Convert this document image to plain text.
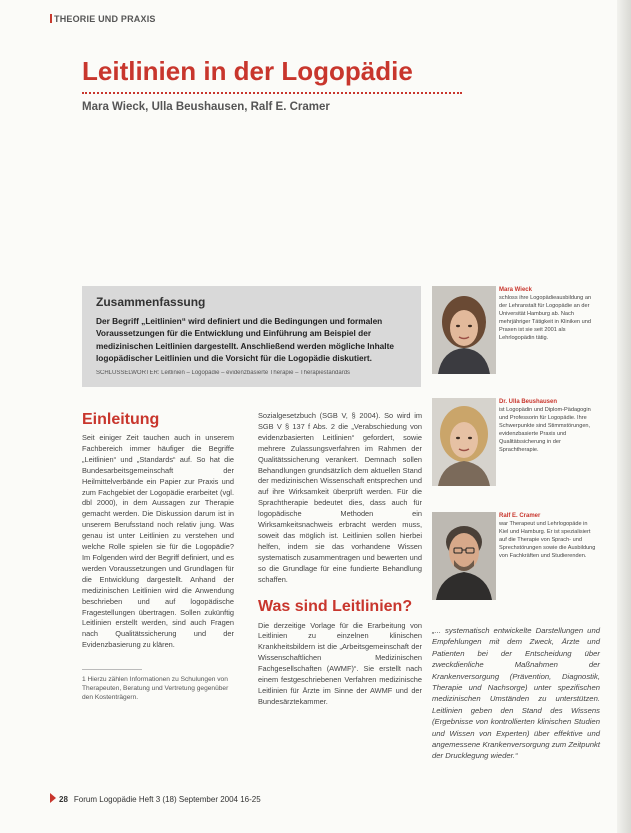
THEORIE UND PRAXIS
Leitlinien in der Logopädie
Mara Wieck, Ulla Beushausen, Ralf E. Cramer
Zusammenfassung

Der Begriff „Leitlinien“ wird definiert und die Bedingungen und formalen Voraussetzungen für die Entwicklung und Einführung am Beispiel der medizinischen Leitlinien dargestellt. Anschließend werden mögliche Inhalte logopädischer Leitlinien und die Vorsicht für die Logopädie diskutiert.

SCHLÜSSELWÖRTER: Leitlinien – Logopädie – evidenzbasierte Therapie – Therapiestandards
Einleitung

Seit einiger Zeit tauchen auch in unserem Fachbereich immer häufiger die Begriffe „Leitlinien“ und „Standards“ auf. So hat die Bundesarbeitsgemeinschaft der Heilmittelverbände ein Papier zur Praxis und zum Fachgebiet der Logopädie erarbeitet (vgl. dbl 2000), in dem Aussagen zur Therapie gemacht werden. Die Diskussion darum ist in unserem Berufsstand noch relativ jung. Was genau ist unter Leitlinien zu verstehen und welche Rolle spielen sie für die Logopädie? Im Folgenden wird der Begriff definiert, und es werden Voraussetzungen und Grundlagen für die Entwicklung dargestellt. Anhand der medizinischen Leitlinien wird die Anwendung beschrieben und auf logopädische Fragestellungen übertragen. Sollen zukünftig Leitlinien erstellt werden, sind auch Fragen nach Qualitätssicherung und der Evidenzbasierung zu klären.

1 Hierzu zählen Informationen zu Schulungen von Therapeuten, Beratung und Vertretung gegenüber den Kostenträgern.

Sozialgesetzbuch (SGB V, § 2004). So wird im SGB V § 137 f Abs. 2 die „Verabschiedung von evidenzbasierten Leitlinien“ gefordert, sowie mehrere Zulassungsverfahren im Rahmen der Qualitätssicherung verankert. Demnach sollen Behandlungen grundsätzlich dem aktuellen Stand der medizinischen Wissenschaft entsprechen und auf ihre Wirksamkeit überprüft werden. Für die Sprachtherapie bedeutet dies, dass auch für logopädische Methoden ein Wirksamkeitsnachweis erbracht werden muss, soweit das möglich ist. Leitlinien sollen hierbei helfen, indem sie das vorhandene Wissen systematisch zusammentragen und bewerten und so die Grundlage für eine fundierte Behandlung schaffen.

Was sind Leitlinien?

Die derzeitige Vorlage für die Erarbeitung von Leitlinien zu einzelnen klinischen Krankheitsbildern ist die „Arbeitsgemeinschaft der Wissenschaftlichen Medizinischen Fachgesellschaften (AWMF)“. Sie erstellt nach einem festgeschriebenen Verfahren medizinische Leitlinien für Ärzte im Sinne der AWMF und der Bundesärztekammer.

Mara Wieck
schloss ihre Logopädieausbildung an der Lehranstalt für Logopädie an der Universität Hamburg ab. Nach mehrjähriger Tätigkeit in Kliniken und Praxen ist sie seit 2001 als Lehrlogopädin tätig.
Dr. Ulla Beushausen
ist Logopädin und Diplom-Pädagogin und Professorin für Logopädie. Ihre Schwerpunkte sind Stimmstörungen, evidenzbasierte Praxis und Qualitätssicherung in der Sprachtherapie.
Ralf E. Cramer
war Therapeut und Lehrlogopäde in Kiel und Hamburg. Er ist spezialisiert auf die Therapie von Sprach- und Sprechstörungen sowie die Ausbildung von Fachkräften und Studierenden.
„... systematisch entwickelte Darstellungen und Empfehlungen mit dem Zweck, Ärzte und Patienten bei der Entscheidung über zweckdienliche Maßnahmen der Krankenversorgung (Prävention, Diagnostik, Therapie und Nachsorge) unter spezifischen medizinischen Umständen zu unterstützen. Leitlinien geben den Stand des Wissens (Ergebnisse von kontrollierten klinischen Studien und Wissen von Experten) über effektive und angemessene Krankenversorgung zum Zeitpunkt der Drucklegung wieder.“
28 Forum Logopädie Heft 3 (18) September 2004 16-25
